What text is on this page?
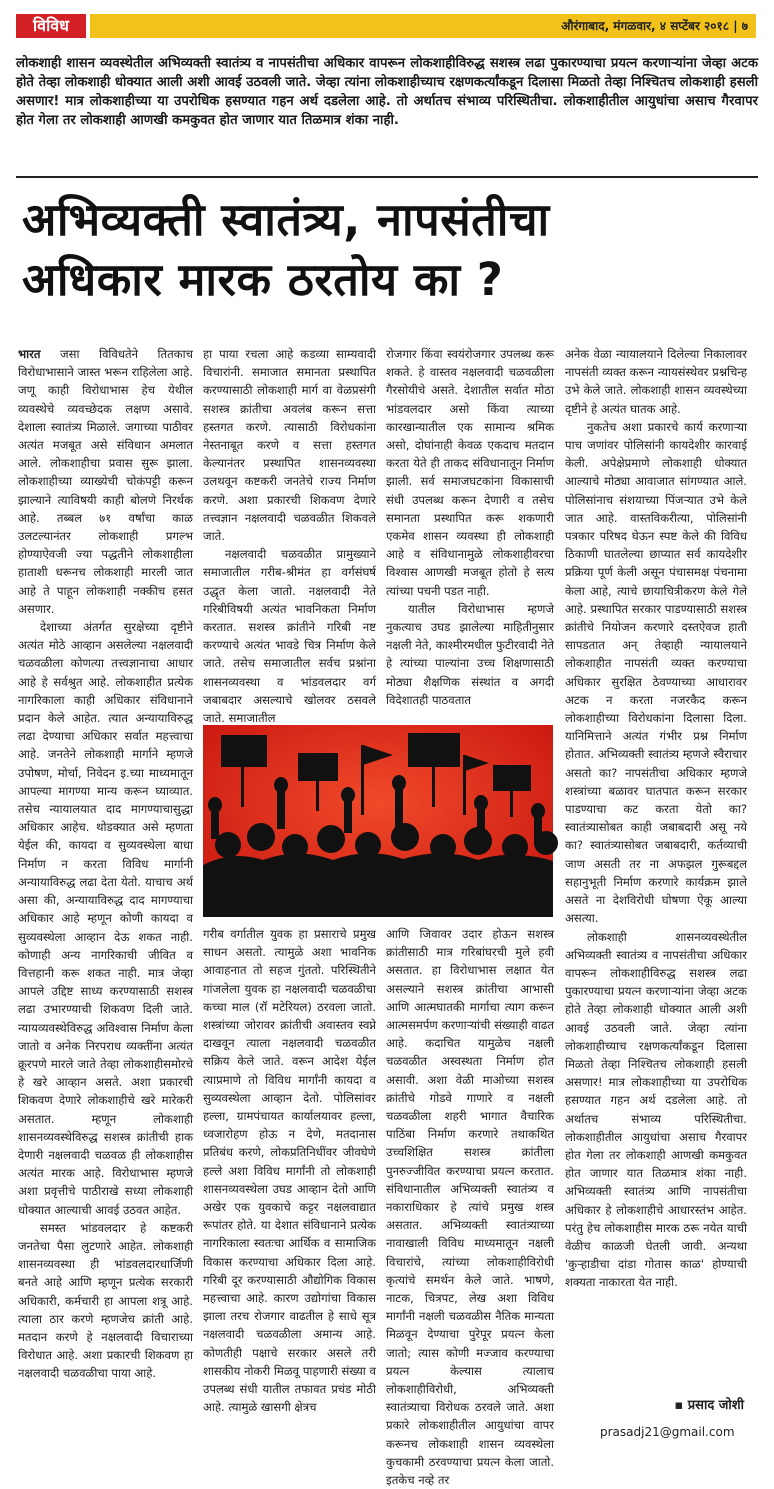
विविध	औरंगाबाद, मंगळवार, ४ सप्टेंबर २०१८ | ७
लोकशाही शासन व्यवस्थेतील अभिव्यक्ती स्वातंत्र्य व नापसंतीचा अधिकार वापरून लोकशाहीविरुद्ध सशस्त्र लढा पुकारण्याचा प्रयत्न करणाऱ्यांना जेव्हा अटक होते तेव्हा लोकशाही धोक्यात आली अशी आवई उठवली जाते. जेव्हा त्यांना लोकशाहीच्याच रक्षणकर्त्यांकडून दिलासा मिळतो तेव्हा निश्चितच लोकशाही हसली असणार! मात्र लोकशाहीच्या या उपरोधिक हसण्यात गहन अर्थ दडलेला आहे. तो अर्थातच संभाव्य परिस्थितीचा. लोकशाहीतील आयुधांचा असाच गैरवापर होत गेला तर लोकशाही आणखी कमकुवत होत जाणार यात तिळमात्र शंका नाही.
अभिव्यक्ती स्वातंत्र्य, नापसंतीचा
अधिकार मारक ठरतोय का ?

भारत जसा विविधतेने तितकाच विरोधाभासाने जास्त भरून राहिलेला आहे. जणू काही विरोधाभास हेच येथील व्यवस्थेचे व्यवच्छेदक लक्षण असावे. देशाला स्वातंत्र्य मिळाले. जगाच्या पाठीवर अत्यंत मजबूत असे संविधान अमलात आले. लोकशाहीचा प्रवास सुरू झाला. लोकशाहीच्या व्याख्येची चोकंपट्टी करून झाल्याने त्याविषयी काही बोलणे निरर्थक आहे. तब्बल ७१ वर्षांचा काळ उलटल्यानंतर लोकशाही प्रगल्भ होण्याऐवजी ज्या पद्धतीने लोकशाहीला हाताशी धरूनच लोकशाही मारली जात आहे ते पाहून लोकशाही नक्कीच हसत असणार.

देशाच्या अंतर्गत सुरक्षेच्या दृष्टीने अत्यंत मोठे आव्हान असलेल्या नक्षलवादी चळवळीला कोणत्या तत्त्वज्ञानाचा आधार आहे हे सर्वश्रुत आहे. लोकशाहीत प्रत्येक नागरिकाला काही अधिकार संविधानाने प्रदान केले आहेत. त्यात अन्यायाविरुद्ध लढा देण्याचा अधिकार सर्वात महत्त्वाचा आहे. जनतेने लोकशाही मार्गाने म्हणजे उपोषण, मोर्चा, निवेदन इ.च्या माध्यमातून आपल्या मागण्या मान्य करून घ्याव्यात. तसेच न्यायालयात दाद मागण्याचासुद्धा अधिकार आहेच. थोडक्यात असे म्हणता येईल की, कायदा व सुव्यवस्थेला बाधा निर्माण न करता विविध मार्गानी अन्यायाविरुद्ध लढा देता येतो. याचाच अर्थ असा की, अन्यायाविरुद्ध दाद मागण्याचा अधिकार आहे म्हणून कोणी कायदा व सुव्यवस्थेला आव्हान देऊ शकत नाही. कोणाही अन्य नागरिकाची जीवित व वित्तहानी करू शकत नाही. मात्र जेव्हा आपले उद्दिष्ट साध्य करण्यासाठी सशस्त्र लढा उभारण्याची शिकवण दिली जाते. न्यायव्यवस्थेविरुद्ध अविश्वास निर्माण केला जातो व अनेक निरपराध व्यक्तींना अत्यंत क्रूरपणे मारले जाते तेव्हा लोकशाहीसमोरचे हे खरे आव्हान असते. अशा प्रकारची शिकवण देणारे लोकशाहीचे खरे मारेकरी असतात. म्हणून लोकशाही शासनव्यवस्थेविरुद्ध सशस्त्र क्रांतीची हाक देणारी नक्षलवादी चळवळ ही लोकशाहीस अत्यंत मारक आहे. विरोधाभास म्हणजे अशा प्रवृत्तीचे पाठीराखे सध्या लोकशाही धोक्यात आल्याची आवई उठवत आहेत.

समस्त भांडवलदार हे कष्टकरी जनतेचा पैसा लुटणारे आहेत. लोकशाही शासनव्यवस्था ही भांडवलदारधार्जिणी बनते आहे आणि म्हणून प्रत्येक सरकारी अधिकारी, कर्मचारी हा आपला शत्रू आहे. त्याला ठार करणे म्हणजेच क्रांती आहे. मतदान करणे हे नक्षलवादी विचाराच्या विरोधात आहे. अशा प्रकारची शिकवण हा नक्षलवादी चळवळीचा पाया आहे.

हा पाया रचला आहे कडव्या साम्यवादी विचारांनी. समाजात समानता प्रस्थापित करण्यासाठी लोकशाही मार्ग वा वेळप्रसंगी सशस्त्र क्रांतीचा अवलंब करून सत्ता हस्तगत करणे. त्यासाठी विरोधकांना नेस्तनाबूत करणे व सत्ता हस्तगत केल्यानंतर प्रस्थापित शासनव्यवस्था उलथवून कष्टकरी जनतेचे राज्य निर्माण करणे. अशा प्रकारची शिकवण देणारे तत्त्वज्ञान नक्षलवादी चळवळीत शिकवले जाते.

नक्षलवादी चळवळीत प्रामुख्याने समाजातील गरीब-श्रीमंत हा वर्गसंघर्ष उद्धृत केला जातो. नक्षलवादी नेते गरिबीविषयी अत्यंत भावनिकता निर्माण करतात. सशस्त्र क्रांतीने गरिबी नष्ट करण्याचे अत्यंत भावडे चित्र निर्माण केले जाते. तसेच समाजातील सर्वच प्रश्नांना शासनव्यवस्था व भांडवलदार वर्ग जबाबदार असल्याचे खोलवर ठसवले जाते. समाजातील

रोजगार किंवा स्वयंरोजगार उपलब्ध करू शकते. हे वास्तव नक्षलवादी चळवळीला गैरसोयीचे असते. देशातील सर्वात मोठा भांडवलदार असो किंवा त्याच्या कारखान्यातील एक सामान्य श्रमिक असो, दोघांनाही केवळ एकदाच मतदान करता येते ही ताकद संविधानातून निर्माण झाली. सर्व समाजघटकांना विकासाची संधी उपलब्ध करून देणारी व तसेच समानता प्रस्थापित करू शकणारी एकमेव शासन व्यवस्था ही लोकशाही आहे व संविधानामुळे लोकशाहीवरचा विश्वास आणखी मजबूत होतो हे सत्य त्यांच्या पचनी पडत नाही.

यातील विरोधाभास म्हणजे नुकत्याच उघड झालेल्या माहितीनुसार नक्षली नेते, काश्मीरमधील फुटीरवादी नेते हे त्यांच्या पाल्यांना उच्च शिक्षणासाठी मोठ्या शैक्षणिक संस्थांत व अगदी विदेशातही पाठवतात

गरीब वर्गातील युवक हा प्रसाराचे प्रमुख साधन असतो. त्यामुळे अशा भावनिक आवाहनात तो सहज गुंततो. परिस्थितीने गांजलेला युवक हा नक्षलवादी चळवळीचा कच्चा माल (रॉ मटेरियल) ठरवला जातो. शस्त्रांच्या जोरावर क्रांतीची अवास्तव स्वप्ने दाखवून त्याला नक्षलवादी चळवळीत सक्रिय केले जाते. वरून आदेश येईल त्याप्रमाणे तो विविध मार्गांनी कायदा व सुव्यवस्थेला आव्हान देतो. पोलिसांवर हल्ला, ग्रामपंचायत कार्यालयावर हल्ला, ध्वजारोहण होऊ न देणे, मतदानास प्रतिबंध करणे, लोकप्रतिनिधींवर जीवघेणे हल्ले अशा विविध मार्गांनी तो लोकशाही शासनव्यवस्थेला उघड आव्हान देतो आणि अखेर एक युवकाचे कट्टर नक्षलवाद्यात रूपांतर होते. या देशात संविधानाने प्रत्येक नागरिकाला स्वतःचा आर्थिक व सामाजिक विकास करण्याचा अधिकार दिला आहे. गरिबी दूर करण्यासाठी औद्योगिक विकास महत्त्वाचा आहे. कारण उद्योगांचा विकास झाला तरच रोजगार वाढतील हे साधे सूत्र नक्षलवादी चळवळीला अमान्य आहे. कोणतीही पक्षाचे सरकार असले तरी शासकीय नोकरी मिळवू पाहणारी संख्या व उपलब्ध संधी यातील तफावत प्रचंड मोठी आहे. त्यामुळे खासगी क्षेत्रच

आणि जिवावर उदार होऊन सशस्त्र क्रांतीसाठी मात्र गरिबांघरची मुले हवी असतात. हा विरोधाभास लक्षात येत असल्याने सशस्त्र क्रांतीचा आभासी आणि आत्मघातकी मार्गाचा त्याग करून आत्मसमर्पण करणाऱ्यांची संख्याही वाढत आहे. कदाचित यामुळेच नक्षली चळवळीत अस्वस्थता निर्माण होत असावी. अशा वेळी माओच्या सशस्त्र क्रांतीचे गोडवे गाणारे व नक्षली चळवळीला शहरी भागात वैचारिक पाठिंबा निर्माण करणारे तथाकथित उच्चशिक्षित सशस्त्र क्रांतीला पुनरुज्जीवित करण्याचा प्रयत्न करतात. संविधानातील अभिव्यक्ती स्वातंत्र्य व नकाराधिकार हे त्यांचे प्रमुख शस्त्र असतात. अभिव्यक्ती स्वातंत्र्याच्या नावाखाली विविध माध्यमातून नक्षली विचारांचे, त्यांच्या लोकशाहीविरोधी कृत्यांचे समर्थन केले जाते. भाषणे, नाटक, चित्रपट, लेख अशा विविध मार्गांनी नक्षली चळवळीस नैतिक मान्यता मिळवून देण्याचा पुरेपूर प्रयत्न केला जातो; त्यास कोणी मज्जाव करण्याचा प्रयत्न केल्यास त्यालाच लोकशाहीविरोधी, अभिव्यक्ती स्वातंत्र्याचा विरोधक ठरवले जाते. अशा प्रकारे लोकशाहीतील आयुधांचा वापर करूनच लोकशाही शासन व्यवस्थेला कुचकामी ठरवण्याचा प्रयत्न केला जातो. इतकेच नव्हे तर

अनेक वेळा न्यायालयाने दिलेल्या निकालावर नापसंती व्यक्त करून न्यायसंस्थेवर प्रश्नचिन्ह उभे केले जाते. लोकशाही शासन व्यवस्थेच्या दृष्टीने हे अत्यंत घातक आहे.

नुकतेच अशा प्रकारचे कार्य करणाऱ्या पाच जणांवर पोलिसांनी कायदेशीर कारवाई केली. अपेक्षेप्रमाणे लोकशाही धोक्यात आल्याचे मोठ्या आवाजात सांगण्यात आले. पोलिसांनाच संशयाच्या पिंजऱ्यात उभे केले जात आहे. वास्तविकरीत्या, पोलिसांनी पत्रकार परिषद घेऊन स्पष्ट केले की विविध ठिकाणी घातलेल्या छाप्यात सर्व कायदेशीर प्रक्रिया पूर्ण केली असून पंचासमक्ष पंचनामा केला आहे, त्याचे छायाचित्रीकरण केले गेले आहे. प्रस्थापित सरकार पाडण्यासाठी सशस्त्र क्रांतीचे नियोजन करणारे दस्तऐवज हाती सापडतात अन् तेव्हाही न्यायालयाने लोकशाहीत नापसंती व्यक्त करण्याचा अधिकार सुरक्षित ठेवण्याच्या आधारावर अटक न करता नजरकैद करून लोकशाहीच्या विरोधकांना दिलासा दिला. यानिमित्ताने अत्यंत गंभीर प्रश्न निर्माण होतात. अभिव्यक्ती स्वातंत्र्य म्हणजे स्वैराचार असतो का? नापसंतीचा अधिकार म्हणजे शस्त्रांच्या बळावर घातपात करून सरकार पाडण्याचा कट करता येतो का? स्वातंत्र्यासोबत काही जबाबदारी असू नये का? स्वातंत्र्यासोबत जबाबदारी, कर्तव्याची जाण असती तर ना अफझल गुरूबद्दल सहानुभूती निर्माण करणारे कार्यक्रम झाले असते ना देशविरोधी घोषणा ऐकू आल्या असत्या.

लोकशाही शासनव्यवस्थेतील अभिव्यक्ती स्वातंत्र्य व नापसंतीचा अधिकार वापरून लोकशाहीविरुद्ध सशस्त्र लढा पुकारण्याचा प्रयत्न करणाऱ्यांना जेव्हा अटक होते तेव्हा लोकशाही धोक्यात आली अशी आवई उठवली जाते. जेव्हा त्यांना लोकशाहीच्याच रक्षणकर्त्यांकडून दिलासा मिळतो तेव्हा निश्चितच लोकशाही हसली असणार! मात्र लोकशाहीच्या या उपरोधिक हसण्यात गहन अर्थ दडलेला आहे. तो अर्थातच संभाव्य परिस्थितीचा. लोकशाहीतील आयुधांचा असाच गैरवापर होत गेला तर लोकशाही आणखी कमकुवत होत जाणार यात तिळमात्र शंका नाही. अभिव्यक्ती स्वातंत्र्य आणि नापसंतीचा अधिकार हे लोकशाहीचे आधारस्तंभ आहेत. परंतु हेच लोकशाहीस मारक ठरू नयेत याची वेळीच काळजी घेतली जावी. अन्यथा 'कुऱ्हाडीचा दांडा गोतास काळ' होण्याची शक्यता नाकारता येत नाही.

▪ प्रसाद जोशी
prasadj21@gmail.com
